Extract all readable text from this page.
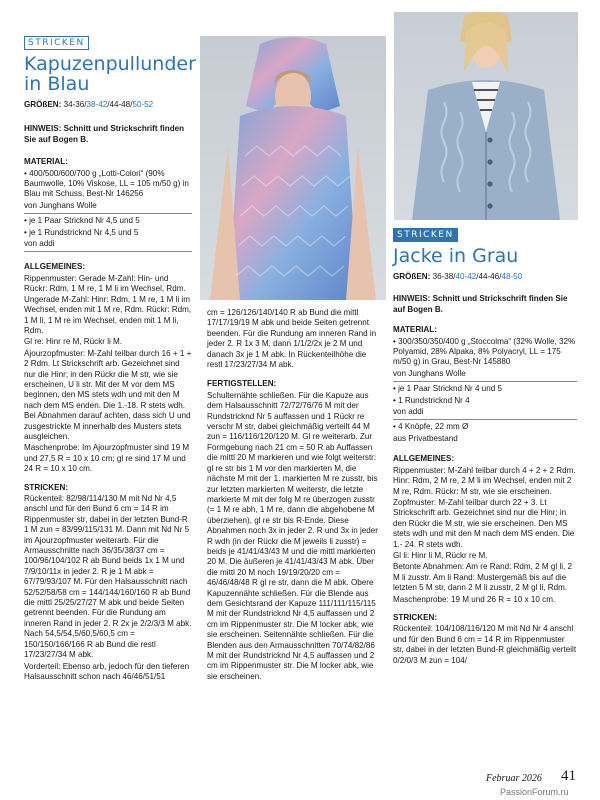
STRICKEN
Kapuzenpullunder
in Blau
GRÖßEN: 34-36/38-42/44-48/50-52
HINWEIS: Schnitt und Strickschrift finden Sie auf Bogen B.
MATERIAL:
• 400/500/600/700 g „Lotti-Colori“ (90% Baumwolle, 10% Viskose, LL = 105 m/50 g) in Blau mit Schuss, Best-Nr 146256
von Junghans Wolle
• je 1 Paar Stricknd Nr 4,5 und 5
• je 1 Rundstricknd Nr 4,5 und 5
von addi
ALLGEMEINES:
Rippenmuster: Gerade M-Zahl: Hin- und Rückr: Rdm, 1 M re, 1 M li im Wechsel, Rdm. Ungerade M-Zahl: Hinr: Rdm, 1 M re, 1 M li im Wechsel, enden mit 1 M re, Rdm. Rückr: Rdm, 1 M li, 1 M re im Wechsel, enden mit 1 M li, Rdm.
Gl re: Hinr re M, Rückr li M.
Ajourzopfmuster: M-Zahl teilbar durch 16 + 1 + 2 Rdm. Lt Strickschrift arb. Gezeichnet sind nur die Hinr; in den Rückr die M str, wie sie erscheinen, U li str. Mit der M vor dem MS beginnen, den MS stets wdh und mit den M nach dem MS enden. Die 1.-18. R stets wdh. Bei Abnahmen darauf achten, dass sich U und zusgestrickte M innerhalb des Musters stets ausgleichen.
Maschenprobe: Im Ajourzopfmuster sind 19 M und 27,5 R = 10 x 10 cm; gl re sind 17 M und 24 R = 10 x 10 cm.
STRICKEN:
Rückenteil: 82/98/114/130 M mit Nd Nr 4,5 anschl und für den Bund 6 cm = 14 R im Rippenmuster str, dabei in der letzten Bund-R 1 M zun = 83/99/115/131 M. Dann mit Nd Nr 5 im Ajourzopfmuster weiterarb. Für die Armausschnitte nach 36/35/38/37 cm = 100/96/104/102 R ab Bund beids 1x 1 M und 7/9/10/11x in jeder 2. R je 1 M abk = 67/79/93/107 M. Für den Halsausschnitt nach 52/52/58/58 cm = 144/144/160/160 R ab Bund die mittl 25/25/27/27 M abk und beide Seiten getrennt beenden. Für die Rundung am inneren Rand in jeder 2. R 2x je 2/2/3/3 M abk. Nach 54,5/54,5/60,5/60,5 cm = 150/150/166/166 R ab Bund die restl 17/23/27/34 M abk.
Vorderteil: Ebenso arb, jedoch für den tieferen Halsausschnitt schon nach 46/46/51/51
cm = 126/126/140/140 R ab Bund die mittl 17/17/19/19 M abk und beide Seiten getrennt beenden. Für die Rundung am inneren Rand in jeder 2. R 1x 3 M, dann 1/1/2/2x je 2 M und danach 3x je 1 M abk. In Rückenteilhöhe die restl 17/23/27/34 M abk.
FERTIGSTELLEN:
Schulternähte schließen. Für die Kapuze aus dem Halsausschnitt 72/72/76/76 M mit der Rundstricknd Nr 5 auffassen und 1 Rückr re verschr M str, dabei gleichmäßig verteilt 44 M zun = 116/116/120/120 M. Gl re weiterarb. Zur Formgebung nach 21 cm = 50 R ab Auffassen die mittl 20 M markieren und wie folgt weiterstr: gl re str bis 1 M vor den markierten M, die nächste M mit der 1. markierten M re zusstr, bis zur letzten markierten M weiterstr, die letzte markierte M mit der folg M re überzogen zusstr (= 1 M re abh, 1 M re, dann die abgehobene M überziehen), gl re str bis R-Ende. Diese Abnahmen noch 3x in jeder 2. R und 3x in jeder R wdh (in der Rückr die M jeweils li zusstr) = beids je 41/41/43/43 M und die mittl markierten 20 M. Die äußeren je 41/41/43/43 M abk. Über die mittl 20 M noch 19/19/20/20 cm = 46/46/48/48 R gl re str, dann die M abk. Obere Kapuzennähte schließen. Für die Blende aus dem Gesichtsrand der Kapuze 111/111/115/115 M mit der Rundstricknd Nr 4,5 auffassen und 2 cm im Rippenmuster str. Die M locker abk, wie sie erscheinen. Seitennähte schließen. Für die Blenden aus den Armausschnitten 70/74/82/86 M mit der Rundstricknd Nr 4,5 auffassen und 2 cm im Rippenmuster str. Die M locker abk, wie sie erscheinen.
STRICKEN
Jacke in Grau
GRÖßEN: 36-38/40-42/44-46/48-50
HINWEIS: Schnitt und Strickschrift finden Sie auf Bogen B.
MATERIAL:
• 300/350/350/400 g „Stoccolma“ (32% Wolle, 32% Polyamid, 28% Alpaka, 8% Polyacryl, LL = 175 m/50 g) in Grau, Best-Nr 145880
von Junghans Wolle
• je 1 Paar Stricknd Nr 4 und 5
• 1 Rundstricknd Nr 4
von addi
• 4 Knöpfe, 22 mm Ø
aus Privatbestand
ALLGEMEINES:
Rippenmuster: M-Zahl teilbar durch 4 + 2 + 2 Rdm. Hinr: Rdm, 2 M re, 2 M li im Wechsel, enden mit 2 M re, Rdm. Rückr: M str, wie sie erscheinen.
Zopfmuster: M-Zahl teilbar durch 22 + 3. Lt Strickschrift arb. Gezeichnet sind nur die Hinr; in den Rückr die M str, wie sie erscheinen. Den MS stets wdh und mit den M nach dem MS enden. Die 1.- 24. R stets wdh.
Gl li: Hinr li M, Rückr re M.
Betonte Abnahmen: Am re Rand: Rdm, 2 M gl li, 2 M li zusstr. Am li Rand: Mustergemäß bis auf die letzten 5 M str, dann 2 M li zusstr, 2 M gl li, Rdm.
Maschenprobe: 19 M und 26 R = 10 x 10 cm.
STRICKEN:
Rückenteil: 104/108/116/120 M mit Nd Nr 4 anschl und für den Bund 6 cm = 14 R im Rippenmuster str, dabei in der letzten Bund-R gleichmäßig verteilt 0/2/0/3 M zun = 104/
Februar 2026 41
PassionForum.ru
